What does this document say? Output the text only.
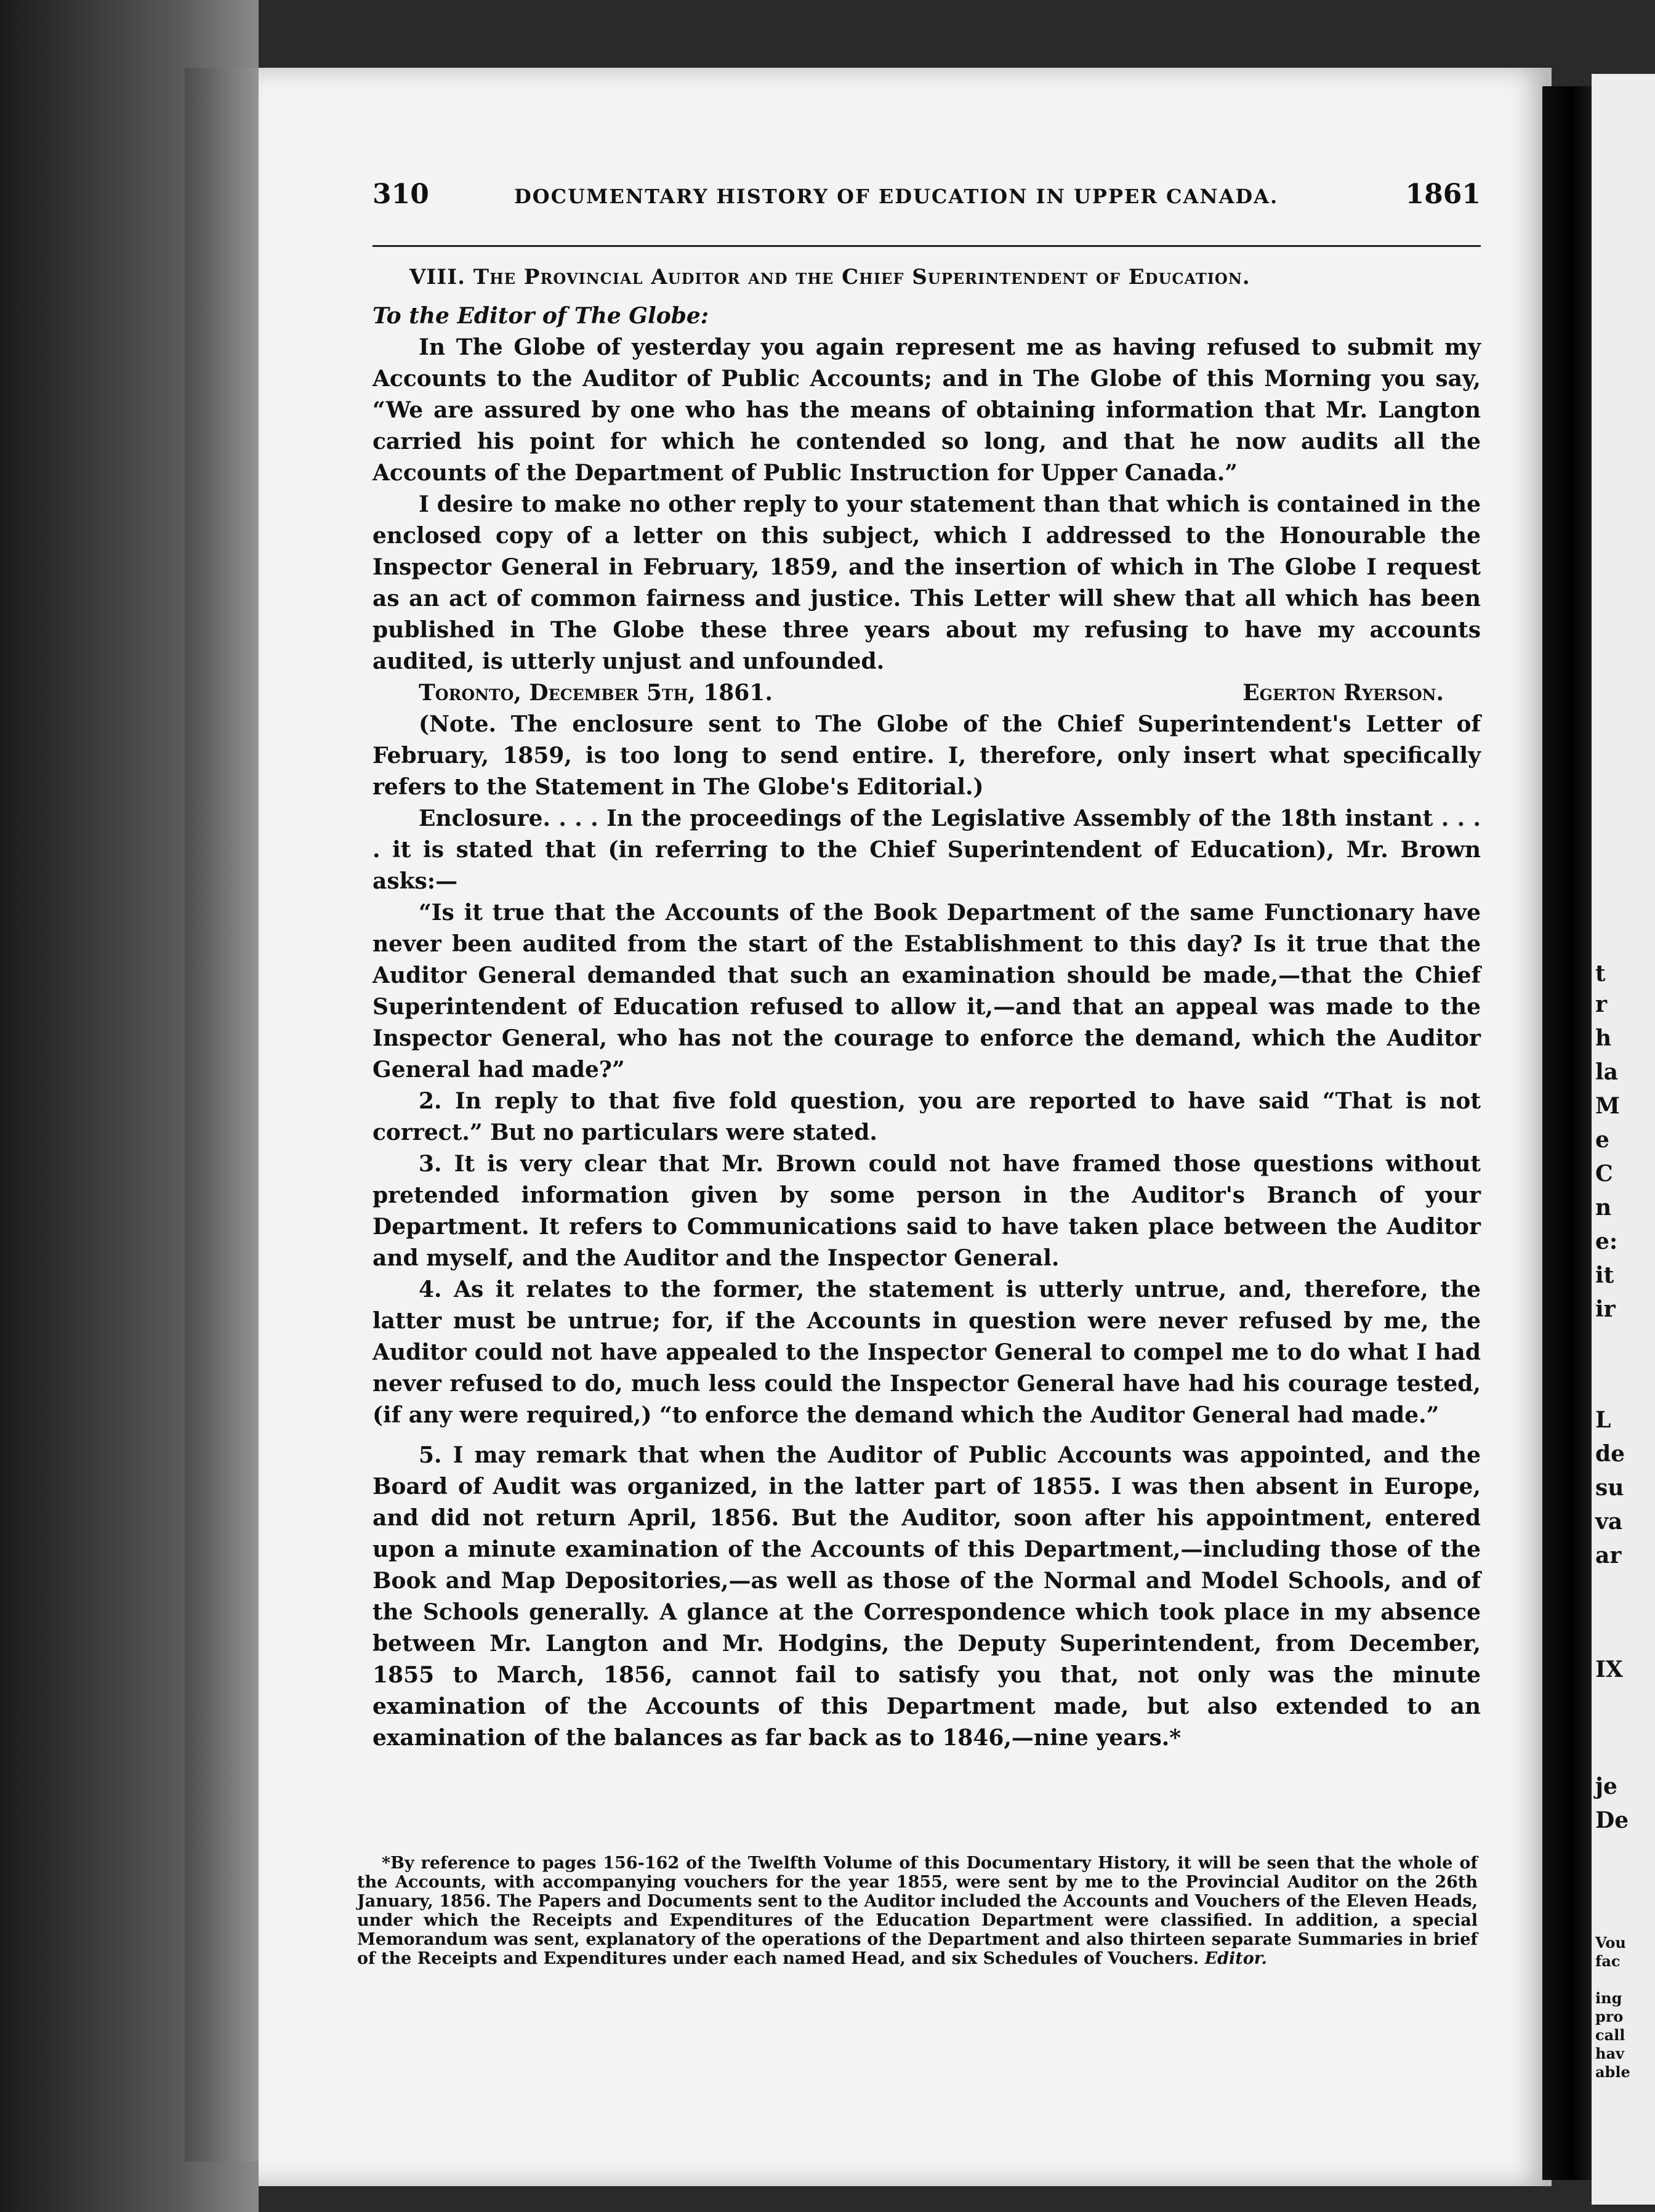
t
r
h
la
M
e
C
n
e:
it
ir
L
de
su
va
ar
IX
je
De
Vou
fac
ing
pro
call
hav
able
310	DOCUMENTARY HISTORY OF EDUCATION IN UPPER CANADA.	1861

VIII. The Provincial Auditor and the Chief Superintendent of Education.

To the Editor of The Globe:

In The Globe of yesterday you again represent me as having refused to submit my Accounts to the Auditor of Public Accounts; and in The Globe of this Morning you say, “We are assured by one who has the means of obtaining information that Mr. Langton carried his point for which he contended so long, and that he now audits all the Accounts of the Department of Public Instruction for Upper Canada.”

I desire to make no other reply to your statement than that which is contained in the enclosed copy of a letter on this subject, which I addressed to the Honourable the Inspector General in February, 1859, and the insertion of which in The Globe I request as an act of common fairness and justice. This Letter will shew that all which has been published in The Globe these three years about my refusing to have my accounts audited, is utterly unjust and unfounded.

Toronto, December 5th, 1861.	Egerton Ryerson.

(Note. The enclosure sent to The Globe of the Chief Superintendent's Letter of February, 1859, is too long to send entire. I, therefore, only insert what specifically refers to the Statement in The Globe's Editorial.)

Enclosure. . . . In the proceedings of the Legislative Assembly of the 18th instant . . . . it is stated that (in referring to the Chief Superintendent of Education), Mr. Brown asks:—

“Is it true that the Accounts of the Book Department of the same Functionary have never been audited from the start of the Establishment to this day? Is it true that the Auditor General demanded that such an examination should be made,—that the Chief Superintendent of Education refused to allow it,—and that an appeal was made to the Inspector General, who has not the courage to enforce the demand, which the Auditor General had made?”

2. In reply to that five fold question, you are reported to have said “That is not correct.” But no particulars were stated.

3. It is very clear that Mr. Brown could not have framed those questions without pretended information given by some person in the Auditor's Branch of your Department. It refers to Communications said to have taken place between the Auditor and myself, and the Auditor and the Inspector General.

4. As it relates to the former, the statement is utterly untrue, and, therefore, the latter must be untrue; for, if the Accounts in question were never refused by me, the Auditor could not have appealed to the Inspector General to compel me to do what I had never refused to do, much less could the Inspector General have had his courage tested, (if any were required,) “to enforce the demand which the Auditor General had made.”

5. I may remark that when the Auditor of Public Accounts was appointed, and the Board of Audit was organized, in the latter part of 1855. I was then absent in Europe, and did not return April, 1856. But the Auditor, soon after his appointment, entered upon a minute examination of the Accounts of this Department,—including those of the Book and Map Depositories,—as well as those of the Normal and Model Schools, and of the Schools generally. A glance at the Correspondence which took place in my absence between Mr. Langton and Mr. Hodgins, the Deputy Superintendent, from December, 1855 to March, 1856, cannot fail to satisfy you that, not only was the minute examination of the Accounts of this Department made, but also extended to an examination of the balances as far back as to 1846,—nine years.*

*By reference to pages 156-162 of the Twelfth Volume of this Documentary History, it will be seen that the whole of the Accounts, with accompanying vouchers for the year 1855, were sent by me to the Provincial Auditor on the 26th January, 1856. The Papers and Documents sent to the Auditor included the Accounts and Vouchers of the Eleven Heads, under which the Receipts and Expenditures of the Education Department were classified. In addition, a special Memorandum was sent, explanatory of the operations of the Department and also thirteen separate Summaries in brief of the Receipts and Expenditures under each named Head, and six Schedules of Vouchers. Editor.
